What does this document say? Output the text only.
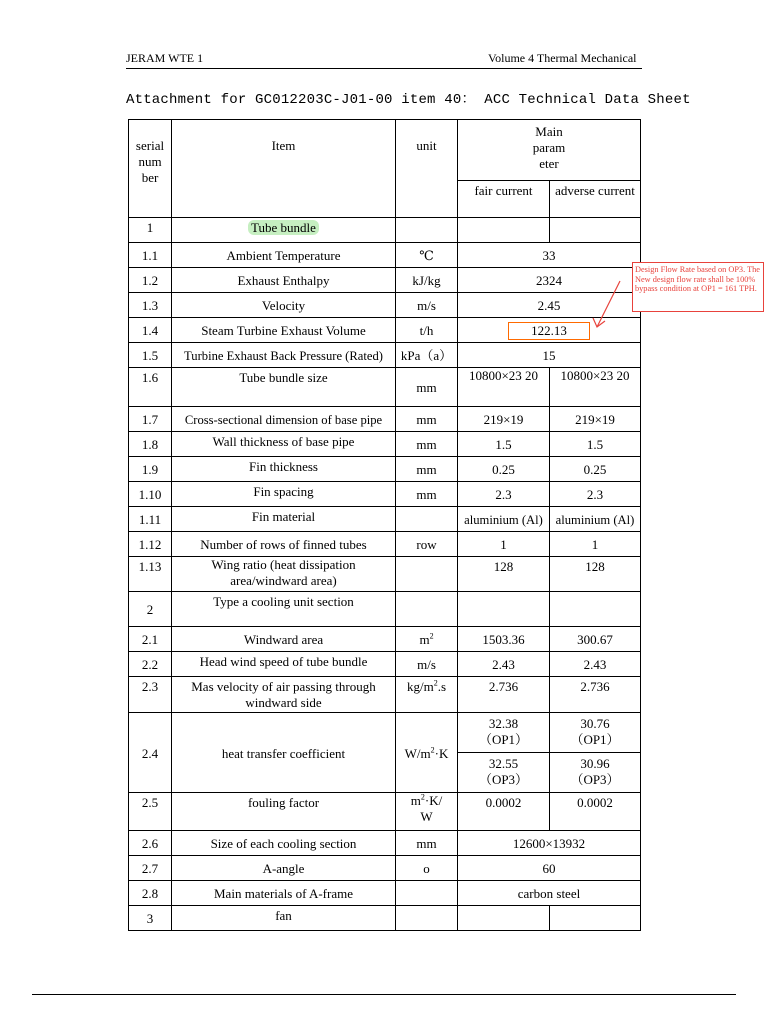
JERAM WTE 1	Volume 4 Thermal Mechanical
Attachment for GC012203C-J01-00 item 40： ACC Technical Data Sheet
serial num ber	Item	unit	Main param eter	
			fair current	adverse current
1	Tube bundle			
1.1	Ambient Temperature	℃	33	
1.2	Exhaust Enthalpy	kJ/kg	2324	
1.3	Velocity	m/s	2.45	
1.4	Steam Turbine Exhaust Volume	t/h	122.13	
1.5	Turbine Exhaust Back Pressure (Rated)	kPa（a）	15	
1.6	Tube bundle size	mm	10800×23 20	10800×23 20
1.7	Cross-sectional dimension of base pipe	mm	219×19	219×19
1.8	Wall thickness of base pipe	mm	1.5	1.5
1.9	Fin thickness	mm	0.25	0.25
1.10	Fin spacing	mm	2.3	2.3
1.11	Fin material		aluminium (Al)	aluminium (Al)
1.12	Number of rows of finned tubes	row	1	1
1.13	Wing ratio (heat dissipation area/windward area)		128	128
2	Type a cooling unit section			
2.1	Windward area	$m^2$	1503.36	300.67
2.2	Head wind speed of tube bundle	m/s	2.43	2.43
2.3	Mas velocity of air passing through windward side	$kg/m^2.s$	2.736	2.736
2.4	heat transfer coefficient	$W/m^2\cdot K$	32.38 （OP1）	30.76 （OP1）
			32.55 （OP3）	30.96 （OP3）
2.5	fouling factor	$m^2\cdot K/$ W	0.0002	0.0002
2.6	Size of each cooling section	mm	12600×13932	
2.7	A-angle	o	60	
2.8	Main materials of A-frame		carbon steel	
3	fan			
Design Flow Rate based on OP3. The New design flow rate shall be 100% bypass condition at OP1 = 161 TPH.
